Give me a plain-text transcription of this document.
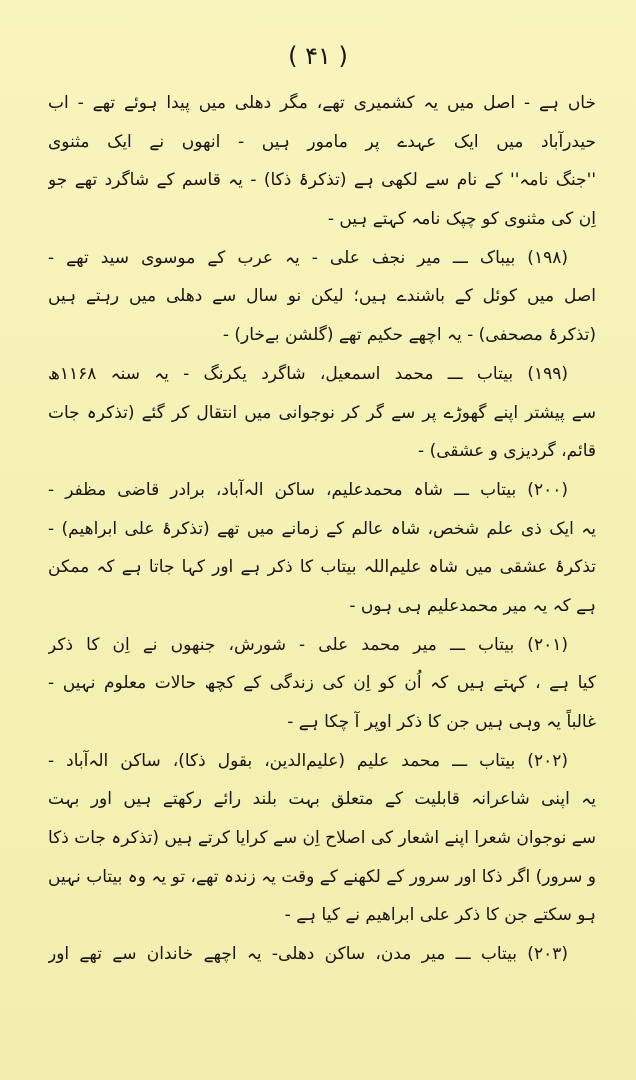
( ۴۱ )
خاں ہے - اصل میں یہ کشمیری تھے، مگر دھلی میں پیدا ہوئے تھے - اب
حیدرآباد میں ایک عہدے پر مامور ہیں - انھوں نے ایک مثنوی
''جنگ نامہ'' کے نام سے لکھی ہے (تذکرۂ ذکا) - یہ قاسم کے شاگرد تھے جو
اِن کی مثنوی کو چپک نامہ کہتے ہیں -
(۱۹۸) بیباک ـــ میر نجف علی - یہ عرب کے موسوی سید تھے -
اصل میں کوئل کے باشندے ہیں؛ لیکن نو سال سے دھلی میں رہتے ہیں
(تذکرۂ مصحفی) - یہ اچھے حکیم تھے (گلشن بےخار) -
(۱۹۹) بیتاب ـــ محمد اسمعیل، شاگرد یکرنگ - یہ سنہ ۱۱۶۸ھ
سے پیشتر اپنے گھوڑے پر سے گر کر نوجوانی میں انتقال کر گئے (تذکرہ جات
قائم، گردیزی و عشقی) -
(۲۰۰) بیتاب ـــ شاہ محمدعلیم، ساکن الہ‌آباد، برادر قاضی مظفر -
یہ ایک ذی علم شخص، شاہ عالم کے زمانے میں تھے (تذکرۂ علی ابراھیم) -
تذکرۂ عشقی میں شاہ علیم‌اللہ بیتاب کا ذکر ہے اور کہا جاتا ہے کہ ممکن
ہے کہ یہ میر محمدعلیم ہی ہوں -
(۲۰۱) بیتاب ـــ میر محمد علی - شورش، جنھوں نے اِن کا ذکر
کیا ہے ، کہتے ہیں کہ اُن کو اِن کی زندگی کے کچھ حالات معلوم نہیں -
غالباً یہ وہی ہیں جن کا ذکر اوپر آ چکا ہے -
(۲۰۲) بیتاب ـــ محمد علیم (علیم‌الدین، بقول ذکا)، ساکن الہ‌آباد -
یہ اپنی شاعرانہ قابلیت کے متعلق بہت بلند رائے رکھتے ہیں اور بہت
سے نوجوان شعرا اپنے اشعار کی اصلاح اِن سے کرایا کرتے ہیں (تذکرہ جات ذکا
و سرور) اگر ذکا اور سرور کے لکھنے کے وقت یہ زندہ تھے، تو یہ وہ بیتاب نہیں
ہو سکتے جن کا ذکر علی ابراھیم نے کیا ہے -
(۲۰۳) بیتاب ـــ میر مدن، ساکن دھلی- یہ اچھے خاندان سے تھے اور
